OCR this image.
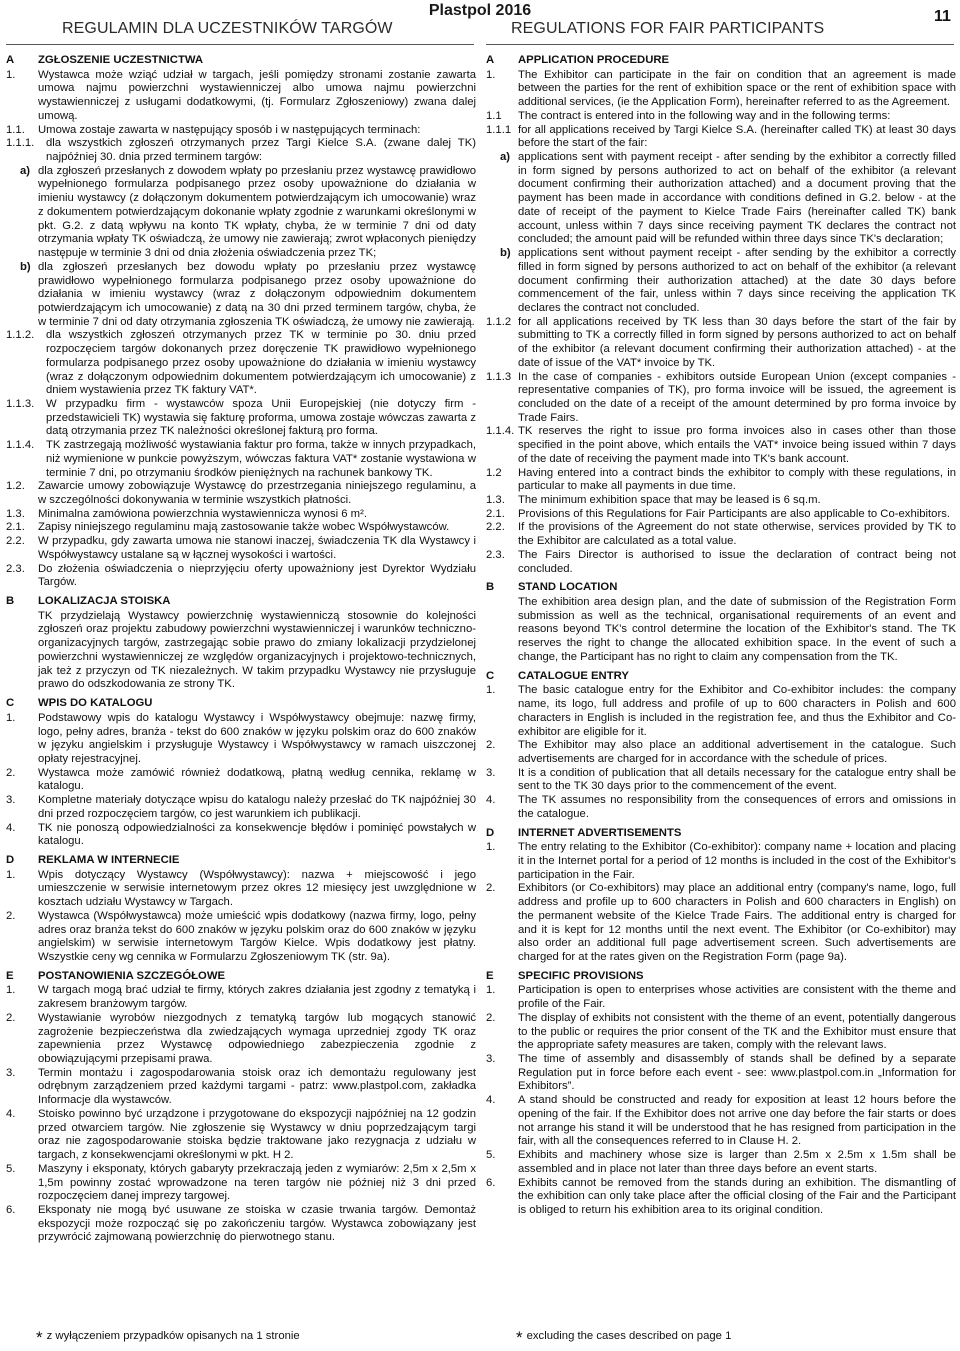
Plastpol 2016	11
REGULAMIN DLA UCZESTNIKÓW TARGÓW	REGULATIONS FOR FAIR PARTICIPANTS

A ZGŁOSZENIE UCZESTNICTWA

1.	Wystawca może wziąć udział w targach, jeśli pomiędzy stronami zostanie zawarta umowa najmu powierzchni wystawienniczej albo umowa najmu powierzchni wystawienniczej z usługami dodatkowymi, (tj. Formularz Zgłoszeniowy) zwana dalej umową.
1.1.	Umowa zostaje zawarta w następujący sposób i w następujących terminach:
1.1.1.	dla wszystkich zgłoszeń otrzymanych przez Targi Kielce S.A. (zwane dalej TK) najpóźniej 30. dnia przed terminem targów:
a) dla zgłoszeń przesłanych z dowodem wpłaty po przesłaniu przez wystawcę prawidłowo wypełnionego formularza podpisanego przez osoby upoważnione do działania w imieniu wystawcy (z dołączonym dokumentem potwierdzającym ich umocowanie) wraz z dokumentem potwierdzającym dokonanie wpłaty zgodnie z warunkami określonymi w pkt. G.2. z datą wpływu na konto TK wpłaty, chyba, że w terminie 7 dni od daty otrzymania wpłaty TK oświadczą, że umowy nie zawierają; zwrot wpłaconych pieniędzy następuje w terminie 3 dni od dnia złożenia oświadczenia przez TK;
b) dla zgłoszeń przesłanych bez dowodu wpłaty po przesłaniu przez wystawcę prawidłowo wypełnionego formularza podpisanego przez osoby upoważnione do działania w imieniu wystawcy (wraz z dołączonym odpowiednim dokumentem potwierdzającym ich umocowanie) z datą na 30 dni przed terminem targów, chyba, że w terminie 7 dni od daty otrzymania zgłoszenia TK oświadczą, że umowy nie zawierają.
1.1.2.	dla wszystkich zgłoszeń otrzymanych przez TK w terminie po 30. dniu przed rozpoczęciem targów dokonanych przez doręczenie TK prawidłowo wypełnionego formularza podpisanego przez osoby upoważnione do działania w imieniu wystawcy (wraz z dołączonym odpowiednim dokumentem potwierdzającym ich umocowanie) z dniem wystawienia przez TK faktury VAT*.
1.1.3.	W przypadku firm - wystawców spoza Unii Europejskiej (nie dotyczy firm - przedstawicieli TK) wystawia się fakturę proforma, umowa zostaje wówczas zawarta z datą otrzymania przez TK należności określonej fakturą pro forma.
1.1.4.	TK zastrzegają możliwość wystawiania faktur pro forma, także w innych przypadkach, niż wymienione w punkcie powyższym, wówczas faktura VAT* zostanie wystawiona w terminie 7 dni, po otrzymaniu środków pieniężnych na rachunek bankowy TK.
1.2.	Zawarcie umowy zobowiązuje Wystawcę do przestrzegania niniejszego regulaminu, a w szczególności dokonywania w terminie wszystkich płatności.
1.3.	Minimalna zamówiona powierzchnia wystawiennicza wynosi 6 m².
2.1.	Zapisy niniejszego regulaminu mają zastosowanie także wobec Współwystawców.
2.2.	W przypadku, gdy zawarta umowa nie stanowi inaczej, świadczenia TK dla Wystawcy i Współwystawcy ustalane są w łącznej wysokości i wartości.
2.3.	Do złożenia oświadczenia o nieprzyjęciu oferty upoważniony jest Dyrektor Wydziału Targów.

B LOKALIZACJA STOISKA

TK przydzielają Wystawcy powierzchnię wystawienniczą stosownie do kolejności zgłoszeń oraz projektu zabudowy powierzchni wystawienniczej i warunków techniczno-organizacyjnych targów, zastrzegając sobie prawo do zmiany lokalizacji przydzielonej powierzchni wystawienniczej ze względów organizacyjnych i projektowo-technicznych, jak też z przyczyn od TK niezależnych. W takim przypadku Wystawcy nie przysługuje prawo do odszkodowania ze strony TK.

C WPIS DO KATALOGU

1.	Podstawowy wpis do katalogu Wystawcy i Współwystawcy obejmuje: nazwę firmy, logo, pełny adres, branża - tekst do 600 znaków w języku polskim oraz do 600 znaków w języku angielskim i przysługuje Wystawcy i Współwystawcy w ramach uiszczonej opłaty rejestracyjnej.
2.	Wystawca może zamówić również dodatkową, płatną według cennika, reklamę w katalogu.
3.	Kompletne materiały dotyczące wpisu do katalogu należy przesłać do TK najpóźniej 30 dni przed rozpoczęciem targów, co jest warunkiem ich publikacji.
4.	TK nie ponoszą odpowiedzialności za konsekwencje błędów i pominięć powstałych w katalogu.

D REKLAMA W INTERNECIE

1.	Wpis dotyczący Wystawcy (Współwystawcy): nazwa + miejscowość i jego umieszczenie w serwisie internetowym przez okres 12 miesięcy jest uwzględnione w kosztach udziału Wystawcy w Targach.
2.	Wystawca (Współwystawca) może umieścić wpis dodatkowy (nazwa firmy, logo, pełny adres oraz branża tekst do 600 znaków w języku polskim oraz do 600 znaków w języku angielskim) w serwisie internetowym Targów Kielce. Wpis dodatkowy jest płatny. Wszystkie ceny wg cennika w Formularzu Zgłoszeniowym TK (str. 9a).

E POSTANOWIENIA SZCZEGÓŁOWE

1.	W targach mogą brać udział te firmy, których zakres działania jest zgodny z tematyką i zakresem branżowym targów.
2.	Wystawianie wyrobów niezgodnych z tematyką targów lub mogących stanowić zagrożenie bezpieczeństwa dla zwiedzających wymaga uprzedniej zgody TK oraz zapewnienia przez Wystawcę odpowiedniego zabezpieczenia zgodnie z obowiązującymi przepisami prawa.
3.	Termin montażu i zagospodarowania stoisk oraz ich demontażu regulowany jest odrębnym zarządzeniem przed każdymi targami - patrz: www.plastpol.com, zakładka Informacje dla wystawców.
4.	Stoisko powinno być urządzone i przygotowane do ekspozycji najpóźniej na 12 godzin przed otwarciem targów. Nie zgłoszenie się Wystawcy w dniu poprzedzającym targi oraz nie zagospodarowanie stoiska będzie traktowane jako rezygnacja z udziału w targach, z konsekwencjami określonymi w pkt. H 2.
5.	Maszyny i eksponaty, których gabaryty przekraczają jeden z wymiarów: 2,5m x 2,5m x 1,5m powinny zostać wprowadzone na teren targów nie później niż 3 dni przed rozpoczęciem danej imprezy targowej.
6.	Eksponaty nie mogą być usuwane ze stoiska w czasie trwania targów. Demontaż ekspozycji może rozpocząć się po zakończeniu targów. Wystawca zobowiązany jest przywrócić zajmowaną powierzchnię do pierwotnego stanu.

A APPLICATION PROCEDURE

1.	The Exhibitor can participate in the fair on condition that an agreement is made between the parties for the rent of exhibition space or the rent of exhibition space with additional services, (ie the Application Form), hereinafter referred to as the Agreement.
1.1	The contract is entered into in the following way and in the following terms:
1.1.1 for all applications received by Targi Kielce S.A. (hereinafter called TK) at least 30 days before the start of the fair:
a) applications sent with payment receipt - after sending by the exhibitor a correctly filled in form signed by persons authorized to act on behalf of the exhibitor (a relevant document confirming their authorization attached) and a document proving that the payment has been made in accordance with conditions defined in G.2. below - at the date of receipt of the payment to Kielce Trade Fairs (hereinafter called TK) bank account, unless within 7 days since receiving payment TK declares the contract not concluded; the amount paid will be refunded within three days since TK's declaration;
b) applications sent without payment receipt - after sending by the exhibitor a correctly filled in form signed by persons authorized to act on behalf of the exhibitor (a relevant document confirming their authorization attached) at the date 30 days before commencement of the fair, unless within 7 days since receiving the application TK declares the contract not concluded.
1.1.2 for all applications received by TK less than 30 days before the start of the fair by submitting to TK a correctly filled in form signed by persons authorized to act on behalf of the exhibitor (a relevant document confirming their authorization attached) - at the date of issue of the VAT* invoice by TK.
1.1.3 In the case of companies - exhibitors outside European Union (except companies - representative companies of TK), pro forma invoice will be issued, the agreement is concluded on the date of a receipt of the amount determined by pro forma invoice by Trade Fairs.
1.1.4. TK reserves the right to issue pro forma invoices also in cases other than those specified in the point above, which entails the VAT* invoice being issued within 7 days of the date of receiving the payment made into TK's bank account.
1.2	Having entered into a contract binds the exhibitor to comply with these regulations, in particular to make all payments in due time.
1.3.	The minimum exhibition space that may be leased is 6 sq.m.
2.1.	Provisions of this Regulations for Fair Participants are also applicable to Co-exhibitors.
2.2.	If the provisions of the Agreement do not state otherwise, services provided by TK to the Exhibitor are calculated as a total value.
2.3.	The Fairs Director is authorised to issue the declaration of contract being not concluded.

B STAND LOCATION

The exhibition area design plan, and the date of submission of the Registration Form submission as well as the technical, organisational requirements of an event and reasons beyond TK's control determine the location of the Exhibitor's stand. The TK reserves the right to change the allocated exhibition space. In the event of such a change, the Participant has no right to claim any compensation from the TK.

C CATALOGUE ENTRY

1.	The basic catalogue entry for the Exhibitor and Co-exhibitor includes: the company name, its logo, full address and profile of up to 600 characters in Polish and 600 characters in English is included in the registration fee, and thus the Exhibitor and Co-exhibitor are eligible for it.
2.	The Exhibitor may also place an additional advertisement in the catalogue. Such advertisements are charged for in accordance with the schedule of prices.
3.	It is a condition of publication that all details necessary for the catalogue entry shall be sent to the TK 30 days prior to the commencement of the event.
4.	The TK assumes no responsibility from the consequences of errors and omissions in the catalogue.

D INTERNET ADVERTISEMENTS

1.	The entry relating to the Exhibitor (Co-exhibitor): company name + location and placing it in the Internet portal for a period of 12 months is included in the cost of the Exhibitor's participation in the Fair.
2.	Exhibitors (or Co-exhibitors) may place an additional entry (company's name, logo, full address and profile up to 600 characters in Polish and 600 characters in English) on the permanent website of the Kielce Trade Fairs. The additional entry is charged for and it is kept for 12 months until the next event. The Exhibitor (or Co-exhibitor) may also order an additional full page advertisement screen. Such advertisements are charged for at the rates given on the Registration Form (page 9a).

E SPECIFIC PROVISIONS

1.	Participation is open to enterprises whose activities are consistent with the theme and profile of the Fair.
2.	The display of exhibits not consistent with the theme of an event, potentially dangerous to the public or requires the prior consent of the TK and the Exhibitor must ensure that the appropriate safety measures are taken, comply with the relevant laws.
3.	The time of assembly and disassembly of stands shall be defined by a separate Regulation put in force before each event - see: www.plastpol.com.in „Information for Exhibitors”.
4.	A stand should be constructed and ready for exposition at least 12 hours before the opening of the fair. If the Exhibitor does not arrive one day before the fair starts or does not arrange his stand it will be understood that he has resigned from participation in the fair, with all the consequences referred to in Clause H. 2.
5.	Exhibits and machinery whose size is larger than 2.5m x 2.5m x 1.5m shall be assembled and in place not later than three days before an event starts.
6.	Exhibits cannot be removed from the stands during an exhibition. The dismantling of the exhibition can only take place after the official closing of the Fair and the Participant is obliged to return his exhibition area to its original condition.
* z wyłączeniem przypadków opisanych na 1 stronie	* excluding the cases described on page 1
